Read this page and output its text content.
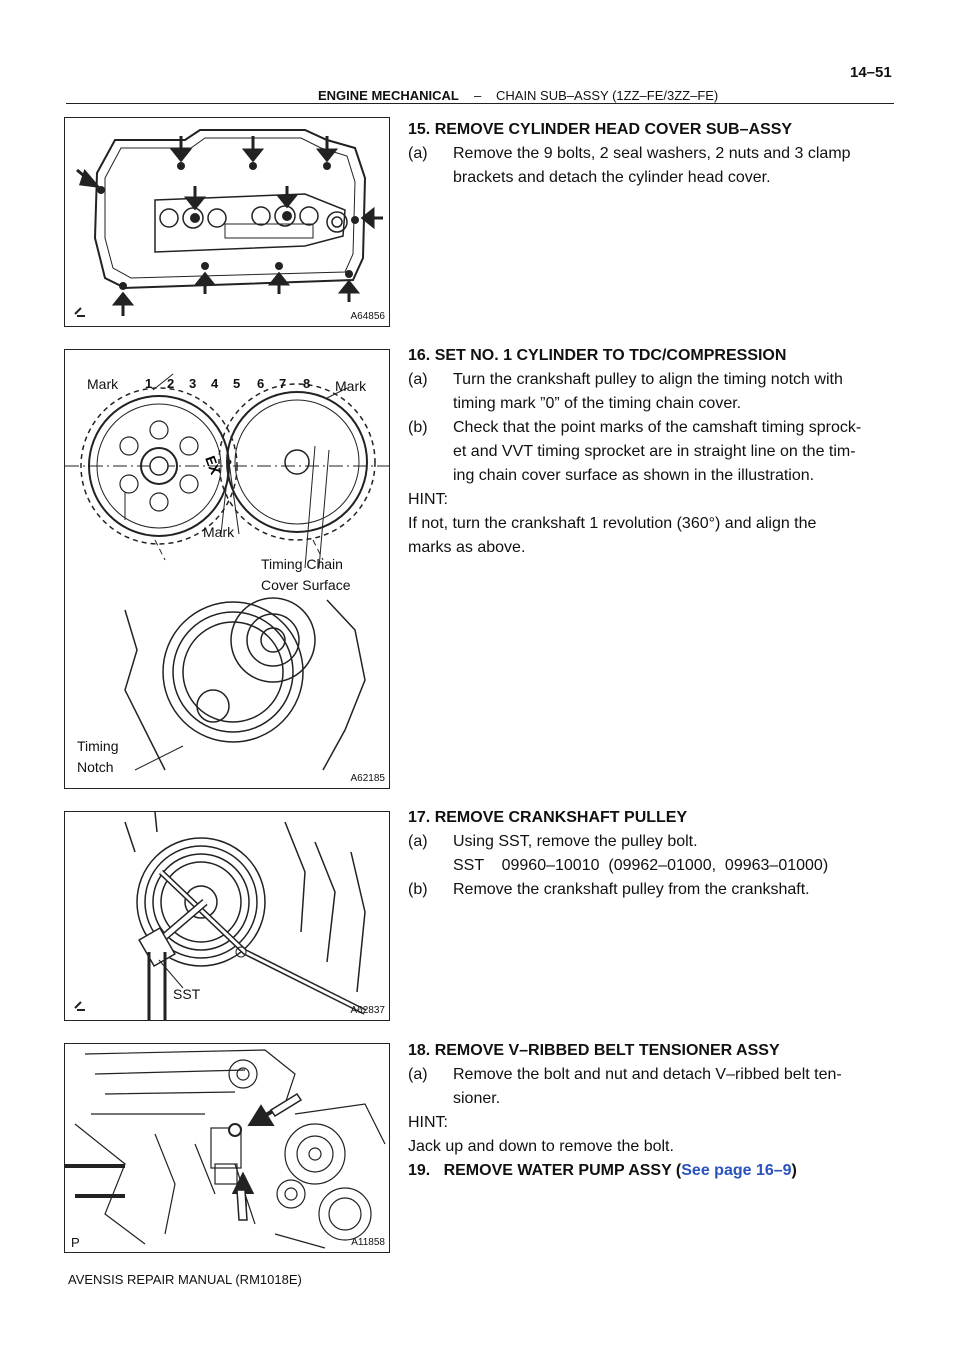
ENGINE MECHANICAL – CHAIN SUB–ASSY (1ZZ–FE/3ZZ–FE)
14–51
A64856
EX
1 2 3 4 5 6 7 8
Mark	Mark
Mark
Timing Chain
Cover Surface
Timing
Notch
A62185
SST
A62837
P	A11858
15. REMOVE CYLINDER HEAD COVER SUB–ASSY
(a) Remove the 9 bolts, 2 seal washers, 2 nuts and 3 clamp
brackets and detach the cylinder head cover.
16. SET NO. 1 CYLINDER TO TDC/COMPRESSION
(a) Turn the crankshaft pulley to align the timing notch with
timing mark ”0” of the timing chain cover.
(b) Check that the point marks of the camshaft timing sprock-
et and VVT timing sprocket are in straight line on the tim-
ing chain cover surface as shown in the illustration.
HINT:
If not, turn the crankshaft 1 revolution (360°) and align the
marks as above.
17. REMOVE CRANKSHAFT PULLEY
(a) Using SST, remove the pulley bolt.
SST    09960–10010  (09962–01000,  09963–01000)
(b) Remove the crankshaft pulley from the crankshaft.
18. REMOVE V–RIBBED BELT TENSIONER ASSY
(a) Remove the bolt and nut and detach V–ribbed belt ten-
sioner.
HINT:
Jack up and down to remove the bolt.
19.   REMOVE WATER PUMP ASSY (See page 16–9)
AVENSIS REPAIR MANUAL (RM1018E)
